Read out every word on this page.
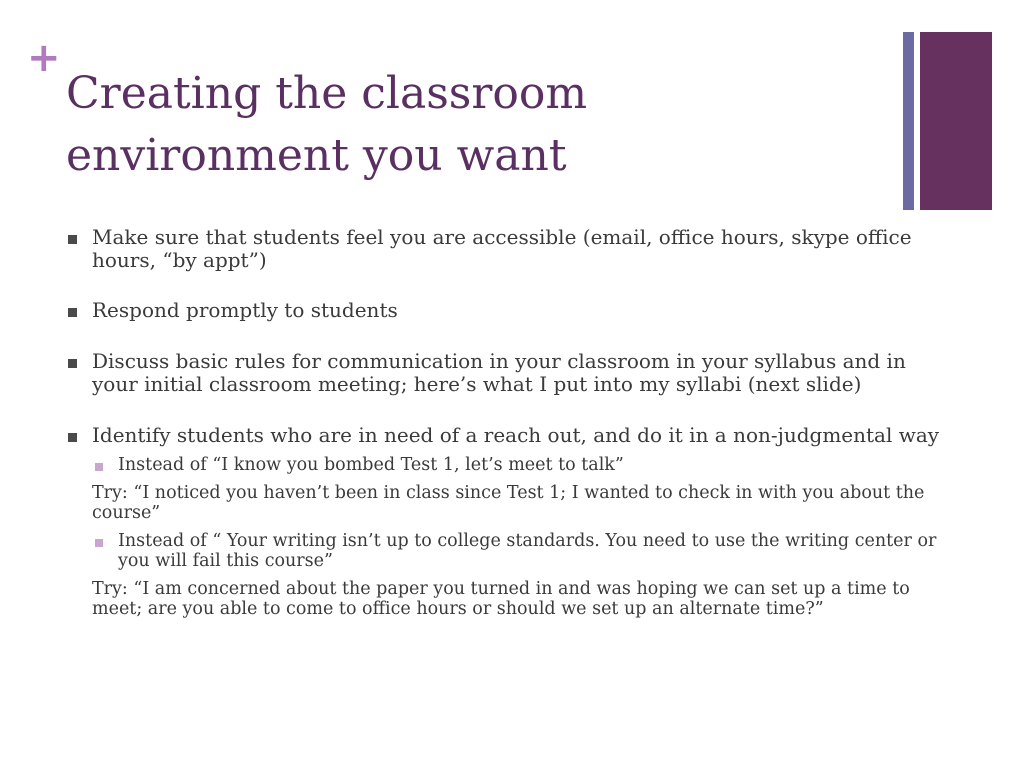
+
Creating the classroom
environment you want
Make sure that students feel you are accessible (email, office hours, skype office hours, “by appt”)
Respond promptly to students
Discuss basic rules for communication in your classroom in your syllabus and in your initial classroom meeting; here’s what I put into my syllabi (next slide)
Identify students who are in need of a reach out, and do it in a non-judgmental way
Instead of “I know you bombed Test 1, let’s meet to talk”
Try: “I noticed you haven’t been in class since Test 1; I wanted to check in with you about the course”
Instead of “ Your writing isn’t up to college standards. You need to use the writing center or you will fail this course”
Try: “I am concerned about the paper you turned in and was hoping we can set up a time to meet; are you able to come to office hours or should we set up an alternate time?”
